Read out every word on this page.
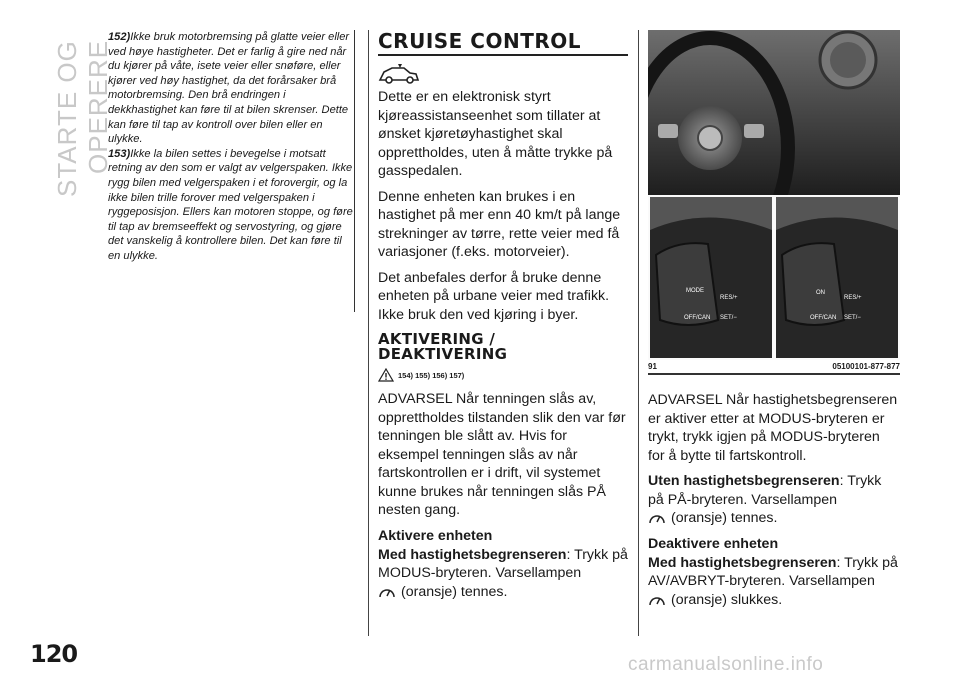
STARTE OG OPERERE
120	carmanualsonline.info

152)Ikke bruk motorbremsing på glatte veier eller ved høye hastigheter. Det er farlig å gire ned når du kjører på våte, isete veier eller snøføre, eller kjører ved høy hastighet, da det forårsaker brå motorbremsing. Den brå endringen i dekkhastighet kan føre til at bilen skrenser. Dette kan føre til tap av kontroll over bilen eller en ulykke.

153)Ikke la bilen settes i bevegelse i motsatt retning av den som er valgt av velgerspaken. Ikke rygg bilen med velgerspaken i et forovergir, og la ikke bilen trille forover med velgerspaken i ryggeposisjon. Ellers kan motoren stoppe, og føre til tap av bremseeffekt og servostyring, og gjøre det vanskelig å kontrollere bilen. Det kan føre til en ulykke.

CRUISE CONTROL

Dette er en elektronisk styrt kjøreassistanseenhet som tillater at ønsket kjøretøyhastighet skal opprettholdes, uten å måtte trykke på gasspedalen.

Denne enheten kan brukes i en hastighet på mer enn 40 km/t på lange strekninger av tørre, rette veier med få variasjoner (f.eks. motorveier).

Det anbefales derfor å bruke denne enheten på urbane veier med trafikk. Ikke bruk den ved kjøring i byer.

AKTIVERING / DEAKTIVERING
154) 155) 156) 157)

ADVARSEL Når tenningen slås av, opprettholdes tilstanden slik den var før tenningen ble slått av. Hvis for eksempel tenningen slås av når fartskontrollen er i drift, vil systemet kunne brukes når tenningen slås PÅ nesten gang.

Aktivere enheten

Med hastighetsbegrenseren: Trykk på MODUS-bryteren. Varsellampen

(oransje) tennes.
MODE
RES/+
OFF/CAN SET/−
ON
RES/+
OFF/CAN SET/−
91	05100101-877-877

ADVARSEL Når hastighetsbegrenseren er aktiver etter at MODUS-bryteren er trykt, trykk igjen på MODUS-bryteren for å bytte til fartskontroll.

Uten hastighetsbegrenseren: Trykk på PÅ-bryteren. Varsellampen

(oransje) tennes.
Deaktivere enheten

Med hastighetsbegrenseren: Trykk på AV/AVBRYT-bryteren. Varsellampen

(oransje) slukkes.
